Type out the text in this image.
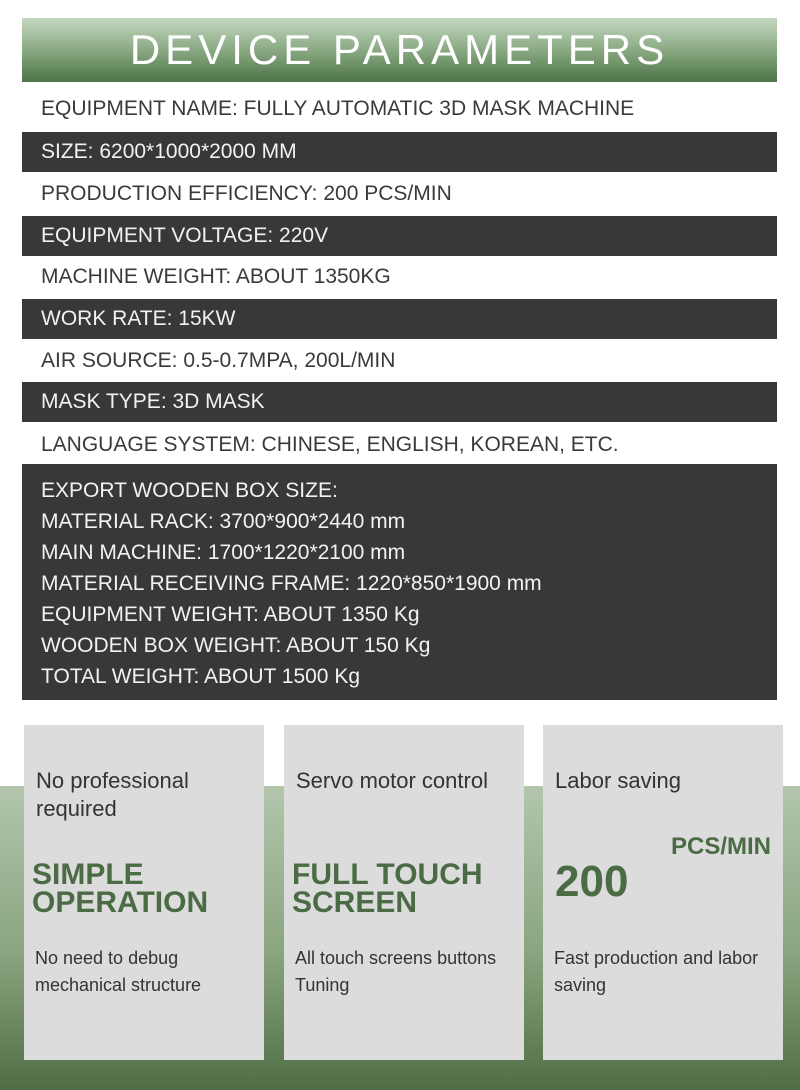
DEVICE PARAMETERS
EQUIPMENT NAME: FULLY AUTOMATIC 3D MASK MACHINE
SIZE: 6200*1000*2000 MM
PRODUCTION EFFICIENCY: 200 PCS/MIN
EQUIPMENT VOLTAGE: 220V
MACHINE WEIGHT: ABOUT 1350KG
WORK RATE: 15KW
AIR SOURCE: 0.5-0.7MPA, 200L/MIN
MASK TYPE: 3D MASK
LANGUAGE SYSTEM: CHINESE, ENGLISH, KOREAN, ETC.
EXPORT WOODEN BOX SIZE:
MATERIAL RACK: 3700*900*2440 mm
MAIN MACHINE: 1700*1220*2100 mm
MATERIAL RECEIVING FRAME: 1220*850*1900 mm
EQUIPMENT WEIGHT: ABOUT 1350 Kg
WOODEN BOX WEIGHT: ABOUT 150 Kg
TOTAL WEIGHT: ABOUT 1500 Kg
No professional required
SIMPLE
OPERATION
No need to debug mechanical structure
Servo motor control
FULL TOUCH
SCREEN
All touch screens buttons Tuning
Labor saving
PCS/MIN
200
Fast production and labor saving
